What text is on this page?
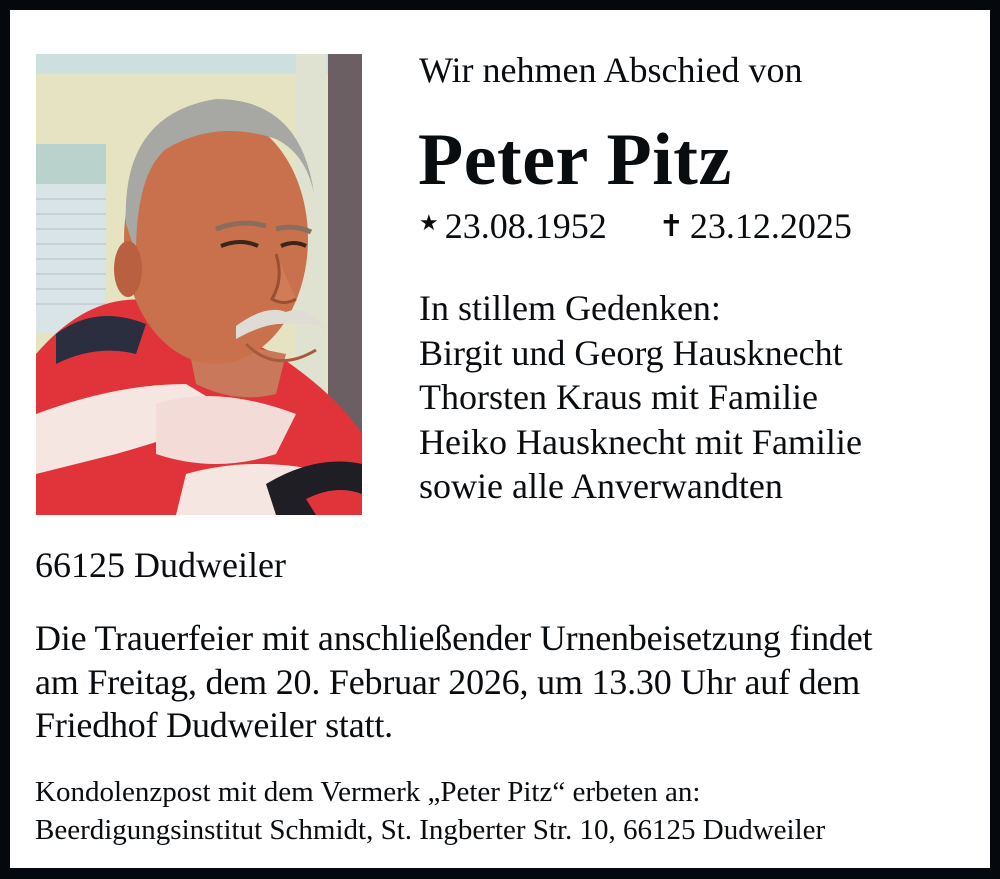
Wir nehmen Abschied von
Peter Pitz
★ 23.08.1952 ✝ 23.12.2025
In stillem Gedenken:
Birgit und Georg Hausknecht
Thorsten Kraus mit Familie
Heiko Hausknecht mit Familie
sowie alle Anverwandten
66125 Dudweiler
Die Trauerfeier mit anschließender Urnenbeisetzung findet
am Freitag, dem 20. Februar 2026, um 13.30 Uhr auf dem
Friedhof Dudweiler statt.
Kondolenzpost mit dem Vermerk „Peter Pitz“ erbeten an:
Beerdigungsinstitut Schmidt, St. Ingberter Str. 10, 66125 Dudweiler
